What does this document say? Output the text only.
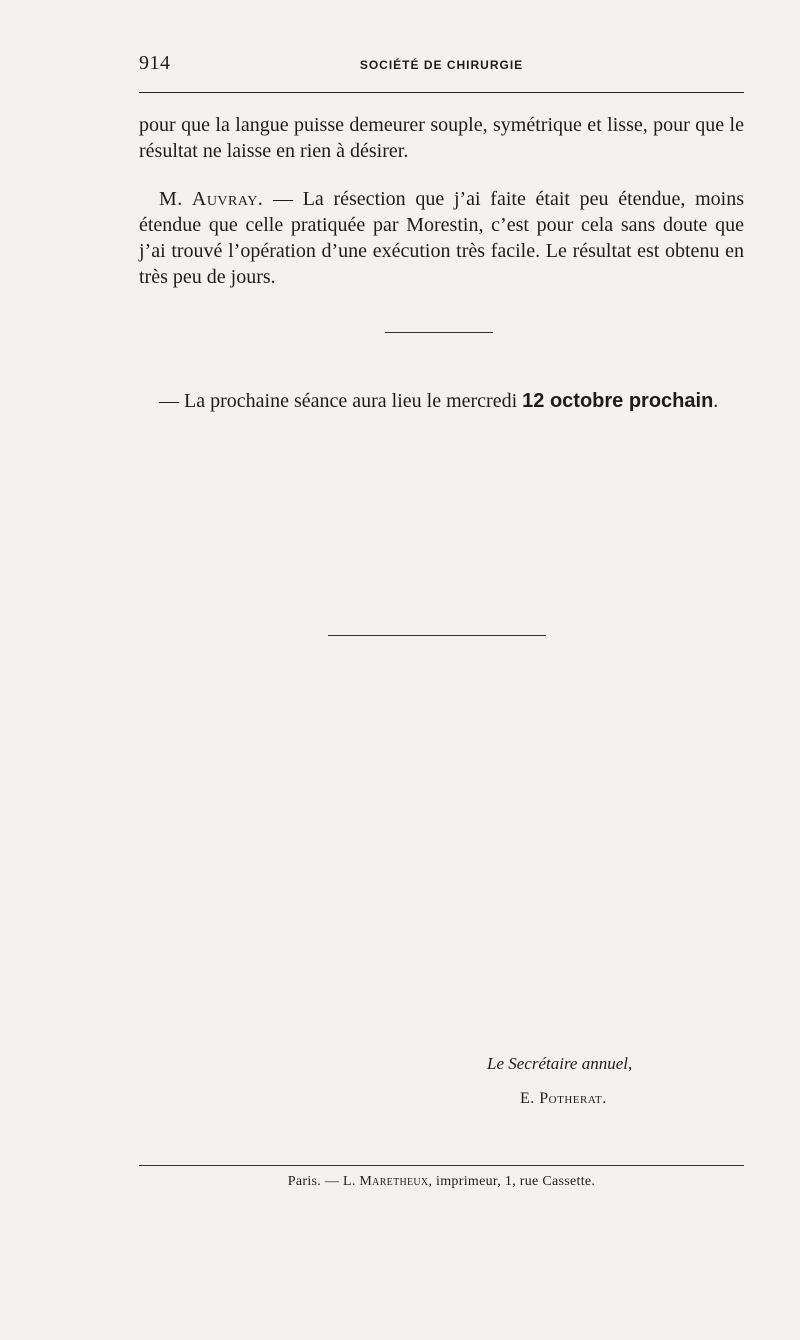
914	SOCIÉTÉ DE CHIRURGIE

pour que la langue puisse demeurer souple, symétrique et lisse, pour que le résultat ne laisse en rien à désirer.

M. Auvray. — La résection que j’ai faite était peu étendue, moins étendue que celle pratiquée par Morestin, c’est pour cela sans doute que j’ai trouvé l’opération d’une exécution très facile. Le résultat est obtenu en très peu de jours.

— La prochaine séance aura lieu le mercredi 12 octobre prochain.

Le Secrétaire annuel,
E. Potherat.
Paris. — L. Maretheux, imprimeur, 1, rue Cassette.
